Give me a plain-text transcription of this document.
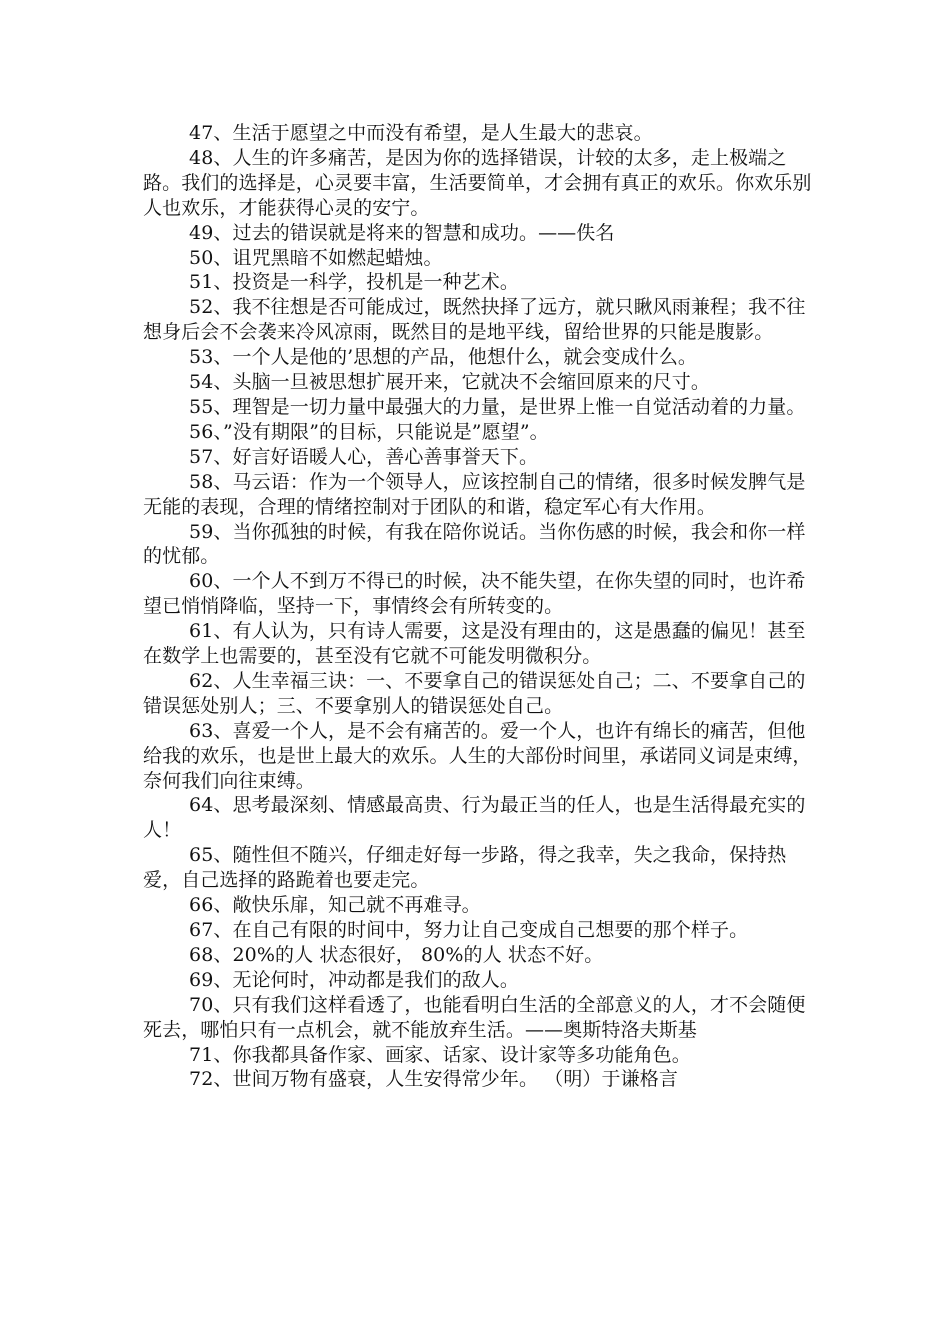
47、生活于愿望之中而没有希望，是人生最大的悲哀。

48、人生的许多痛苦，是因为你的选择错误，计较的太多，走上极端之路。我们的选择是，心灵要丰富，生活要简单，才会拥有真正的欢乐。你欢乐别人也欢乐，才能获得心灵的安宁。

49、过去的错误就是将来的智慧和成功。——佚名

50、诅咒黑暗不如燃起蜡烛。

51、投资是一科学，投机是一种艺术。

52、我不往想是否可能成过，既然抉择了远方，就只瞅风雨兼程；我不往想身后会不会袭来冷风凉雨，既然目的是地平线，留给世界的只能是腹影。

53、一个人是他的’思想的产品，他想什么，就会变成什么。

54、头脑一旦被思想扩展开来，它就决不会缩回原来的尺寸。

55、理智是一切力量中最强大的力量，是世界上惟一自觉活动着的力量。

56、”没有期限”的目标，只能说是”愿望”。

57、好言好语暖人心，善心善事誉天下。

58、马云语：作为一个领导人，应该控制自己的情绪，很多时候发脾气是无能的表现，合理的情绪控制对于团队的和谐，稳定军心有大作用。

59、当你孤独的时候，有我在陪你说话。当你伤感的时候，我会和你一样的忧郁。

60、一个人不到万不得已的时候，决不能失望，在你失望的同时，也许希望已悄悄降临，坚持一下，事情终会有所转变的。

61、有人认为，只有诗人需要，这是没有理由的，这是愚蠢的偏见！甚至在数学上也需要的，甚至没有它就不可能发明微积分。

62、人生幸福三诀：一、不要拿自己的错误惩处自己；二、不要拿自己的错误惩处别人；三、不要拿别人的错误惩处自己。

63、喜爱一个人，是不会有痛苦的。爱一个人，也许有绵长的痛苦，但他给我的欢乐，也是世上最大的欢乐。人生的大部份时间里，承诺同义词是束缚，奈何我们向往束缚。

64、思考最深刻、情感最高贵、行为最正当的任人，也是生活得最充实的人！

65、随性但不随兴，仔细走好每一步路，得之我幸，失之我命，保持热爱，自己选择的路跪着也要走完。

66、敞快乐扉，知己就不再难寻。

67、在自己有限的时间中，努力让自己变成自己想要的那个样子。

68、20%的人 状态很好， 80%的人 状态不好。

69、无论何时，冲动都是我们的敌人。

70、只有我们这样看透了，也能看明白生活的全部意义的人，才不会随便死去，哪怕只有一点机会，就不能放弃生活。——奥斯特洛夫斯基

71、你我都具备作家、画家、话家、设计家等多功能角色。

72、世间万物有盛衰，人生安得常少年。 （明）于谦格言
